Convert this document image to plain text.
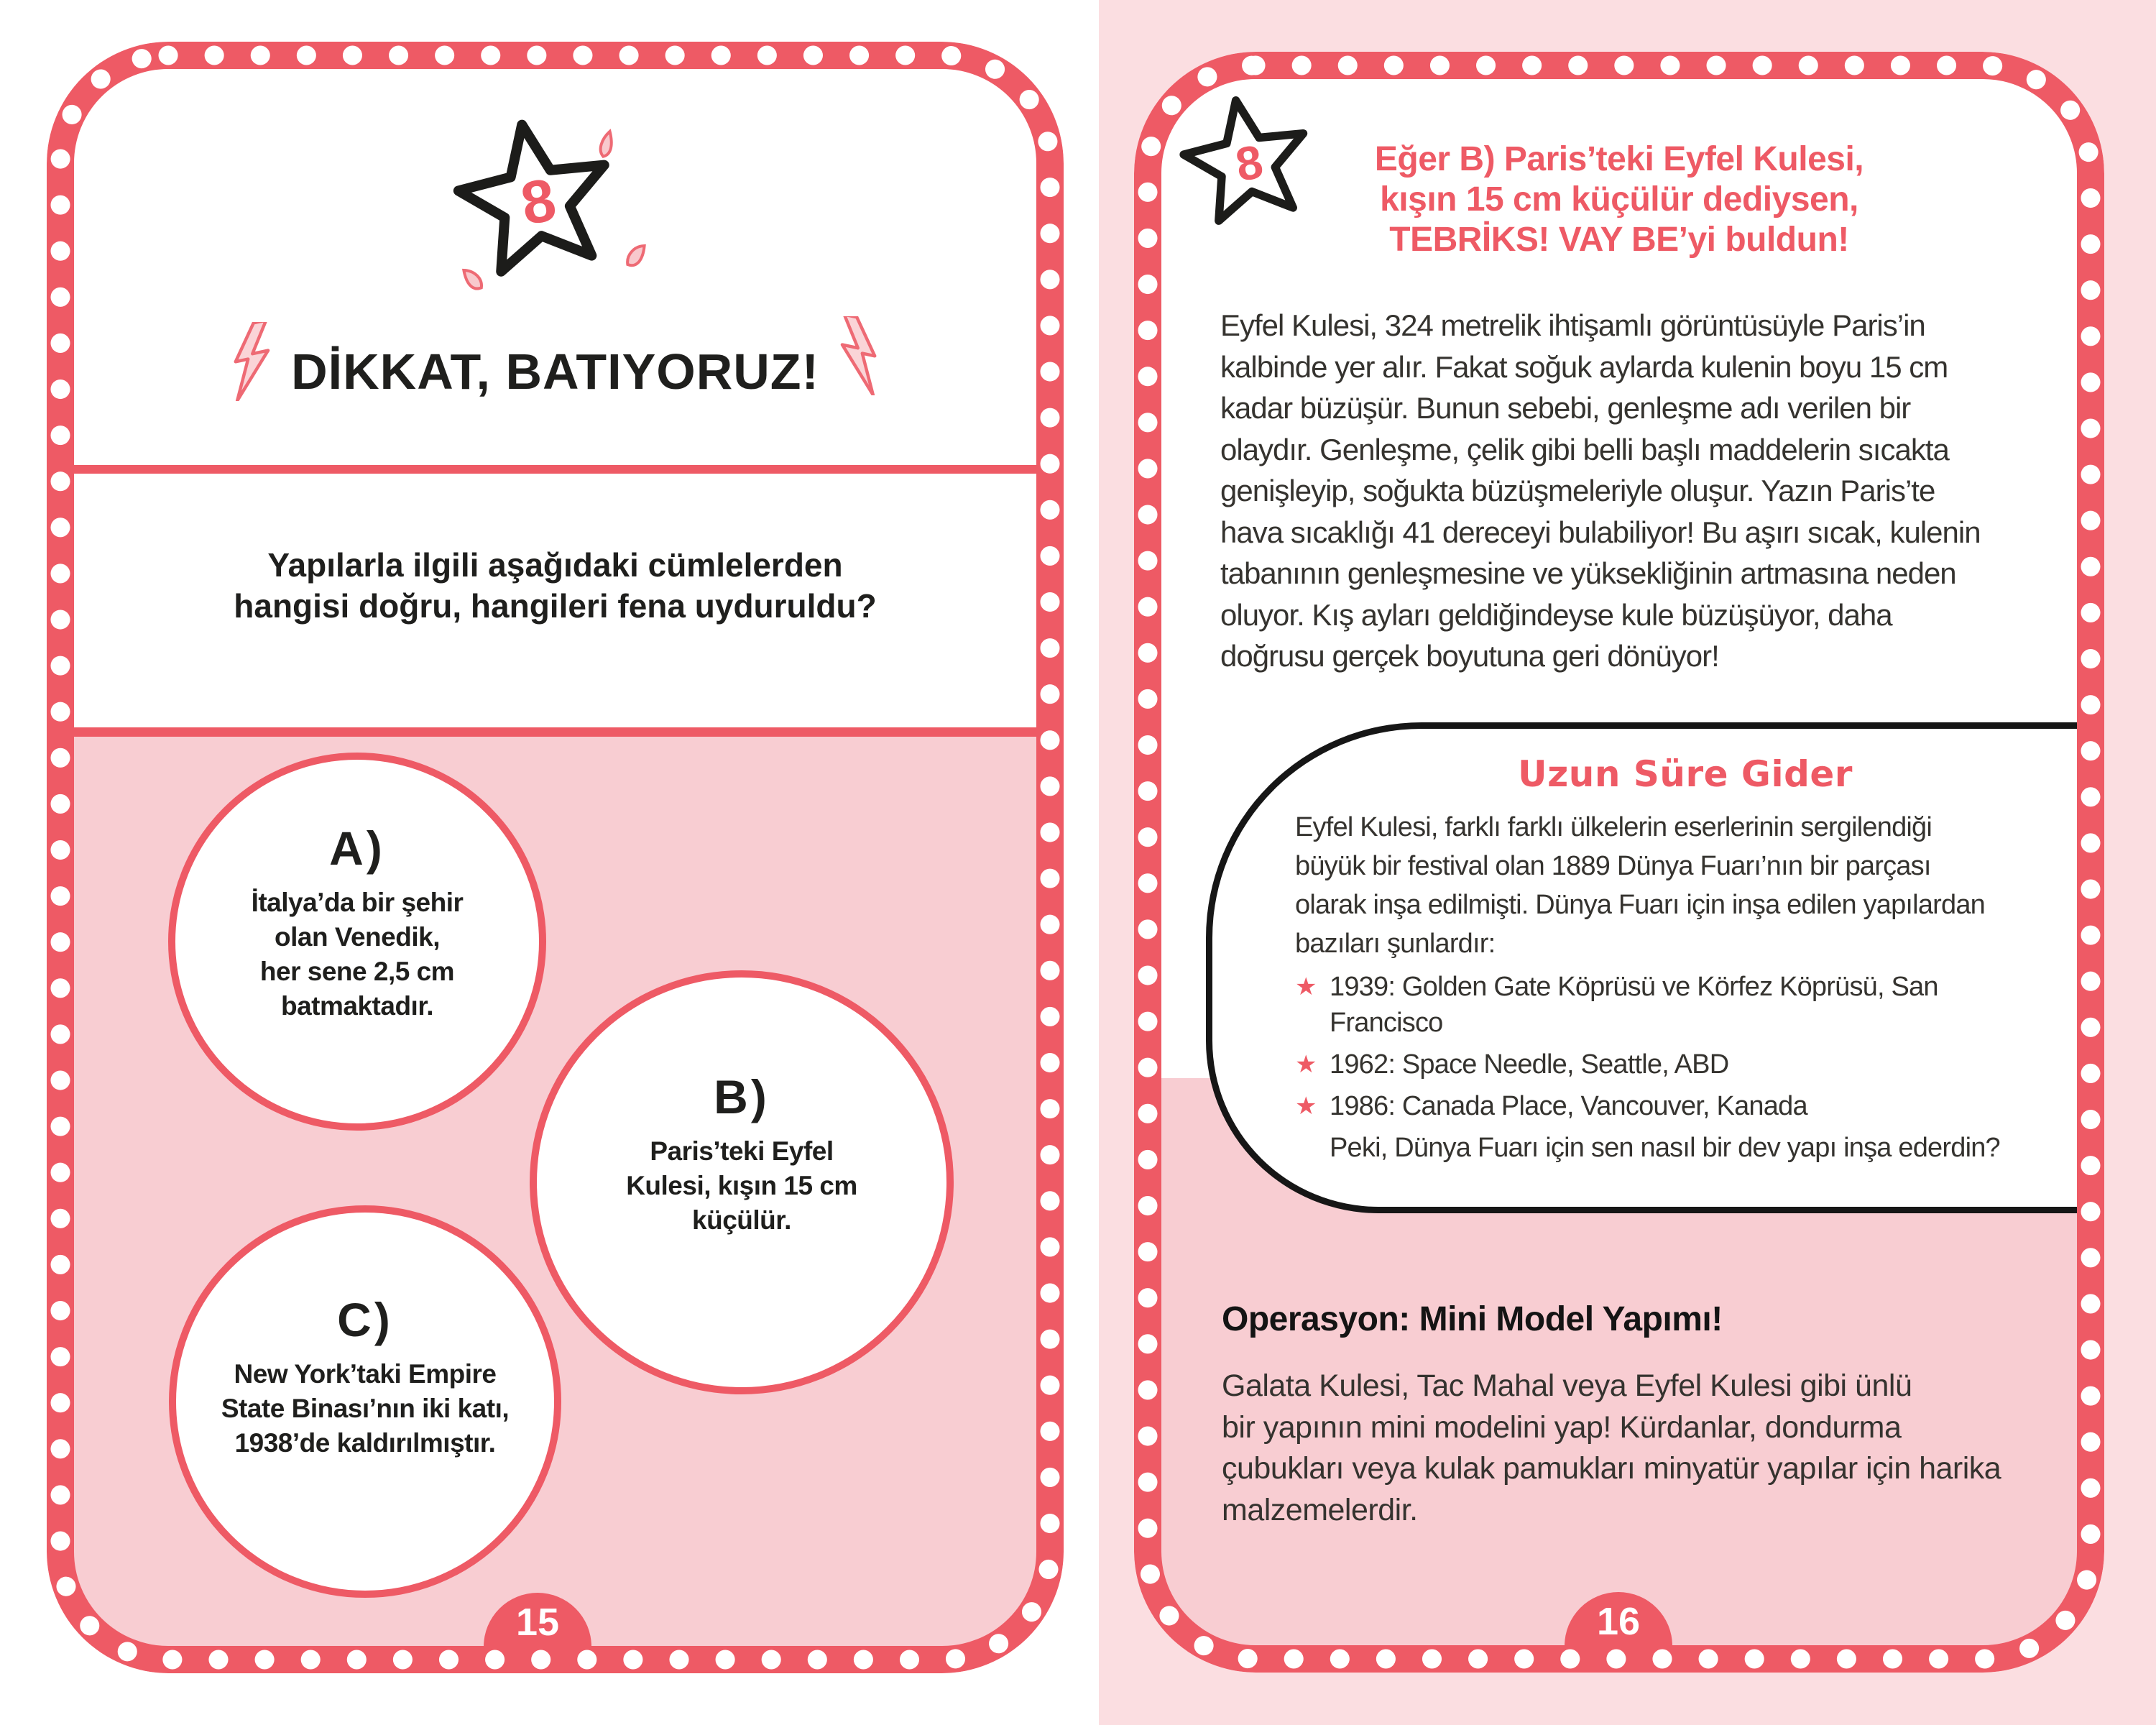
8
DİKKAT, BATIYORUZ!
Yapılarla ilgili aşağıdaki cümlelerden
hangisi doğru, hangileri fena uyduruldu?
A)
İtalya’da bir şehir
olan Venedik,
her sene 2,5 cm
batmaktadır.
B)
Paris’teki Eyfel
Kulesi, kışın 15 cm
küçülür.
C)
New York’taki Empire
State Binası’nın iki katı,
1938’de kaldırılmıştır.
15
8	Eğer B) Paris’teki Eyfel Kulesi,
kışın 15 cm küçülür dediysen,
TEBRİKS! VAY BE’yi buldun!
Eyfel Kulesi, 324 metrelik ihtişamlı görüntüsüyle Paris’in
kalbinde yer alır. Fakat soğuk aylarda kulenin boyu 15 cm
kadar büzüşür. Bunun sebebi, genleşme adı verilen bir
olaydır. Genleşme, çelik gibi belli başlı maddelerin sıcakta
genişleyip, soğukta büzüşmeleriyle oluşur. Yazın Paris’te
hava sıcaklığı 41 dereceyi bulabiliyor! Bu aşırı sıcak, kulenin
tabanının genleşmesine ve yüksekliğinin artmasına neden
oluyor. Kış ayları geldiğindeyse kule büzüşüyor, daha
doğrusu gerçek boyutuna geri dönüyor!
Uzun Süre Gider
Eyfel Kulesi, farklı farklı ülkelerin eserlerinin sergilendiği
büyük bir festival olan 1889 Dünya Fuarı’nın bir parçası
olarak inşa edilmişti. Dünya Fuarı için inşa edilen yapılardan
bazıları şunlardır:
★ 1939: Golden Gate Köprüsü ve Körfez Köprüsü, San
Francisco
★ 1962: Space Needle, Seattle, ABD
★ 1986: Canada Place, Vancouver, Kanada
Peki, Dünya Fuarı için sen nasıl bir dev yapı inşa ederdin?
Operasyon: Mini Model Yapımı!
Galata Kulesi, Tac Mahal veya Eyfel Kulesi gibi ünlü
bir yapının mini modelini yap! Kürdanlar, dondurma
çubukları veya kulak pamukları minyatür yapılar için harika
malzemelerdir.
16
